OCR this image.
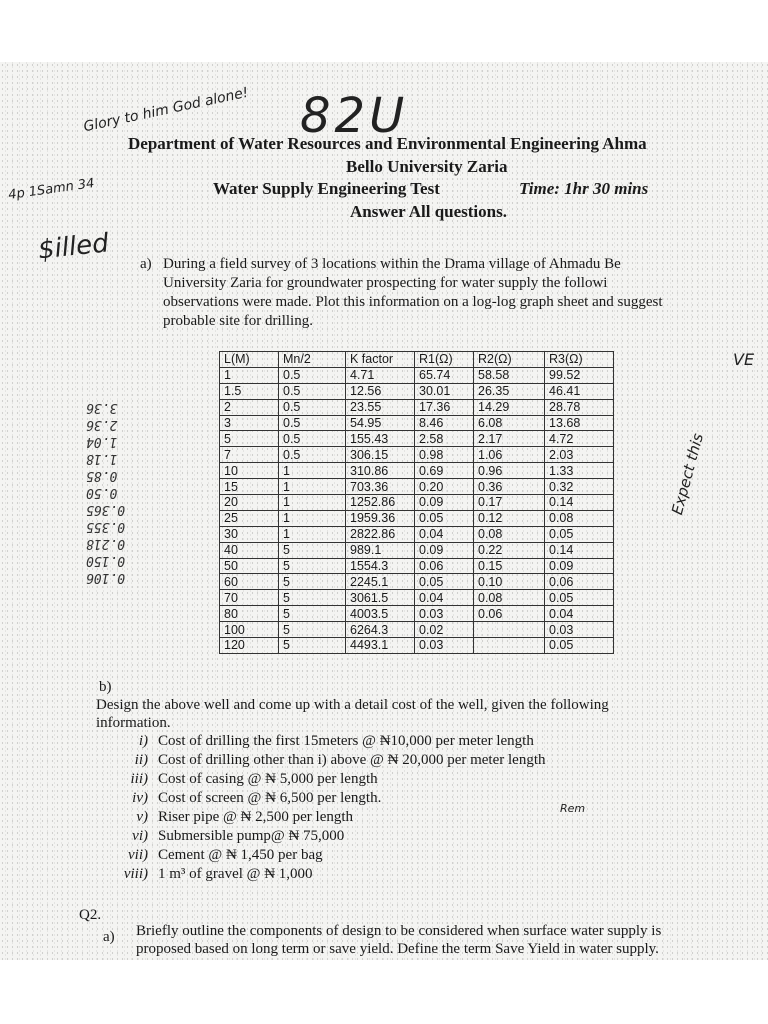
Glory to him God alone! 82U
4p 1Samn 34
$illed
VE
Expect this
Rem
Department of Water Resources and Environmental Engineering Ahma
Bello University Zaria
Water Supply Engineering Test	Time: 1hr 30 mins
Answer All questions.
a) During a field survey of 3 locations within the Drama village of Ahmadu Be
University Zaria for groundwater prospecting for water supply the followi
observations were made. Plot this information on a log-log graph sheet and suggest
probable site for drilling.
L(M)	Mn/2	K factor	R1(Ω)	R2(Ω)	R3(Ω)
1	0.5	4.71	65.74	58.58	99.52
1.5	0.5	12.56	30.01	26.35	46.41
2	0.5	23.55	17.36	14.29	28.78
3	0.5	54.95	8.46	6.08	13.68
5	0.5	155.43	2.58	2.17	4.72
7	0.5	306.15	0.98	1.06	2.03
10	1	310.86	0.69	0.96	1.33
15	1	703.36	0.20	0.36	0.32
20	1	1252.86	0.09	0.17	0.14
25	1	1959.36	0.05	0.12	0.08
30	1	2822.86	0.04	0.08	0.05
40	5	989.1	0.09	0.22	0.14
50	5	1554.3	0.06	0.15	0.09
60	5	2245.1	0.05	0.10	0.06
70	5	3061.5	0.04	0.08	0.05
80	5	4003.5	0.03	0.06	0.04
100	5	6264.3	0.02		0.03
120	5	4493.1	0.03		0.05
b)
Design the above well and come up with a detail cost of the well, given the following
information.
i) Cost of drilling the first 15meters @ ₦10,000 per meter length
ii) Cost of drilling other than i) above @ ₦ 20,000 per meter length
iii) Cost of casing @ ₦ 5,000 per length
iv) Cost of screen @ ₦ 6,500 per length.
v) Riser pipe @ ₦ 2,500 per length
vi) Submersible pump@ ₦ 75,000
vii) Cement @ ₦ 1,450 per bag
viii) 1 m³ of gravel @ ₦ 1,000
Q2.
a) Briefly outline the components of design to be considered when surface water supply is
proposed based on long term or save yield. Define the term Save Yield in water supply.
3.36
2.36
1.04
1.18
0.85
0.50
0.365
0.355
0.218
0.150
0.106
